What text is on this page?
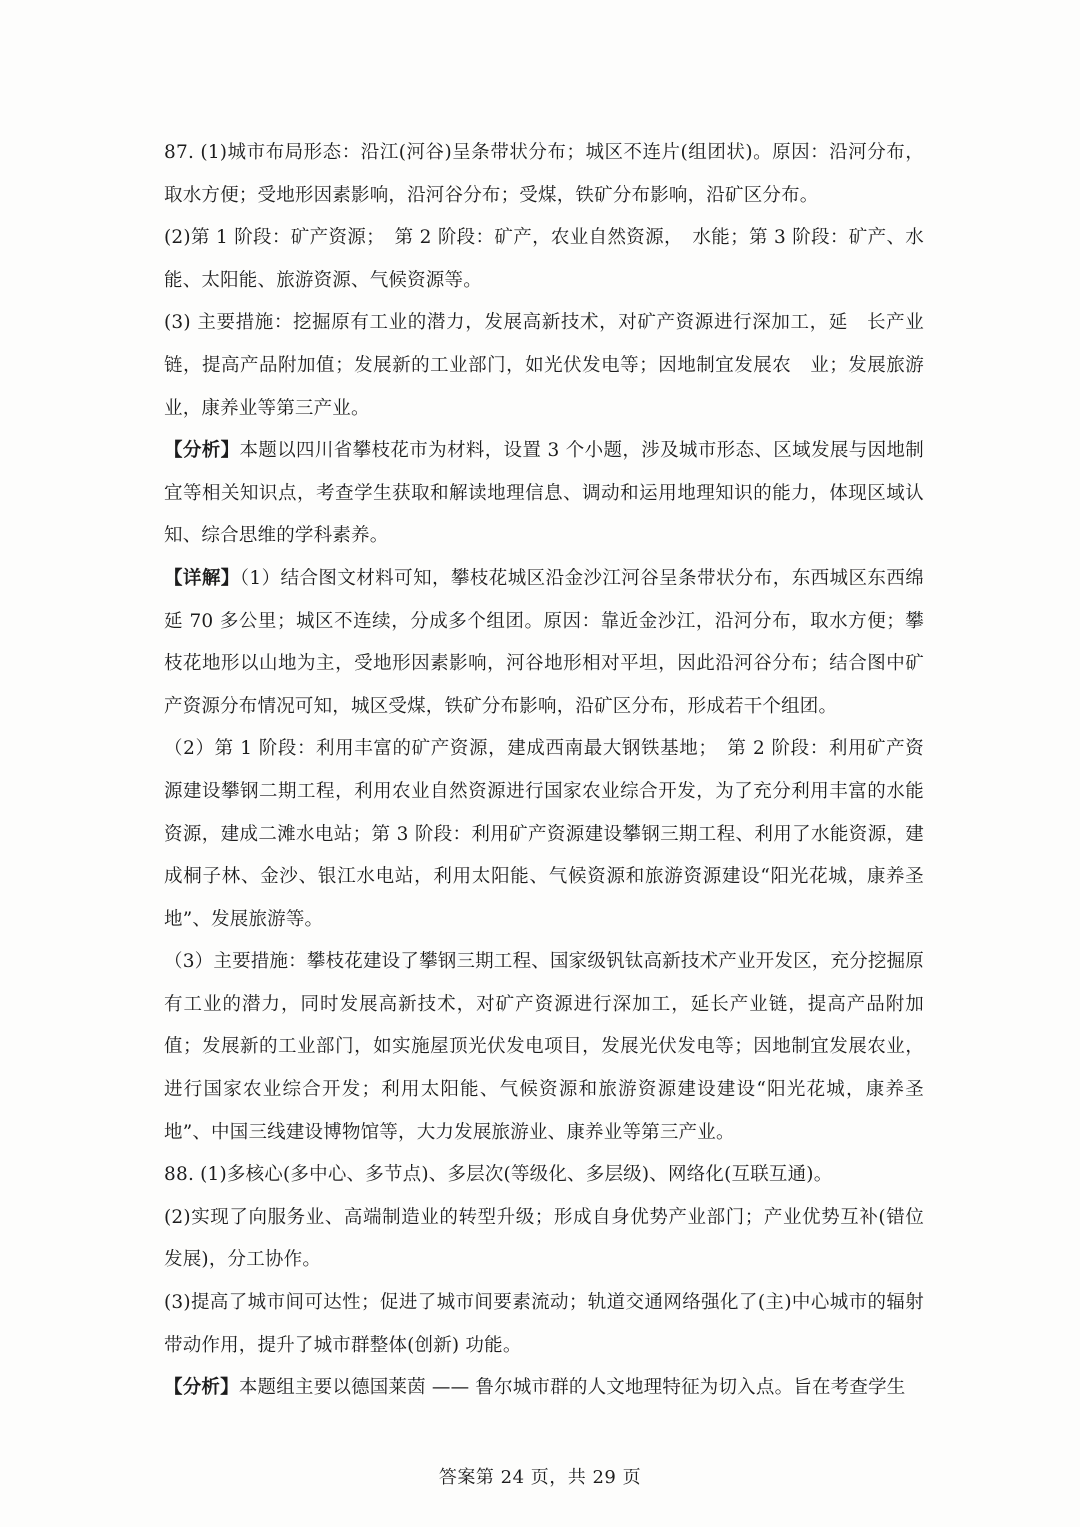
87. (1)城市布局形态：沿江(河谷)呈条带状分布；城区不连片(组团状)。原因：沿河分布，取水方便；受地形因素影响，沿河谷分布；受煤，铁矿分布影响，沿矿区分布。

(2)第 1 阶段：矿产资源；　第 2 阶段：矿产，农业自然资源，　水能；第 3 阶段：矿产、水能、太阳能、旅游资源、气候资源等。

(3) 主要措施：挖掘原有工业的潜力，发展高新技术，对矿产资源进行深加工，延　长产业链，提高产品附加值；发展新的工业部门，如光伏发电等；因地制宜发展农　业；发展旅游业，康养业等第三产业。

【分析】本题以四川省攀枝花市为材料，设置 3 个小题，涉及城市形态、区域发展与因地制宜等相关知识点，考查学生获取和解读地理信息、调动和运用地理知识的能力，体现区域认知、综合思维的学科素养。

【详解】（1）结合图文材料可知，攀枝花城区沿金沙江河谷呈条带状分布，东西城区东西绵延 70 多公里；城区不连续，分成多个组团。原因：靠近金沙江，沿河分布，取水方便；攀枝花地形以山地为主，受地形因素影响，河谷地形相对平坦，因此沿河谷分布；结合图中矿产资源分布情况可知，城区受煤，铁矿分布影响，沿矿区分布，形成若干个组团。

（2）第 1 阶段：利用丰富的矿产资源，建成西南最大钢铁基地；　第 2 阶段：利用矿产资源建设攀钢二期工程，利用农业自然资源进行国家农业综合开发，为了充分利用丰富的水能资源，建成二滩水电站；第 3 阶段：利用矿产资源建设攀钢三期工程、利用了水能资源，建成桐子林、金沙、银江水电站，利用太阳能、气候资源和旅游资源建设“阳光花城，康养圣地”、发展旅游等。

（3）主要措施：攀枝花建设了攀钢三期工程、国家级钒钛高新技术产业开发区，充分挖掘原有工业的潜力，同时发展高新技术，对矿产资源进行深加工，延长产业链，提高产品附加值；发展新的工业部门，如实施屋顶光伏发电项目，发展光伏发电等；因地制宜发展农业，进行国家农业综合开发；利用太阳能、气候资源和旅游资源建设建设“阳光花城，康养圣地”、中国三线建设博物馆等，大力发展旅游业、康养业等第三产业。

88. (1)多核心(多中心、多节点)、多层次(等级化、多层级)、网络化(互联互通)。

(2)实现了向服务业、高端制造业的转型升级；形成自身优势产业部门；产业优势互补(错位发展)，分工协作。

(3)提高了城市间可达性；促进了城市间要素流动；轨道交通网络强化了(主)中心城市的辐射带动作用，提升了城市群整体(创新) 功能。

【分析】本题组主要以德国莱茵 —— 鲁尔城市群的人文地理特征为切入点。旨在考查学生

答案第 24 页，共 29 页
